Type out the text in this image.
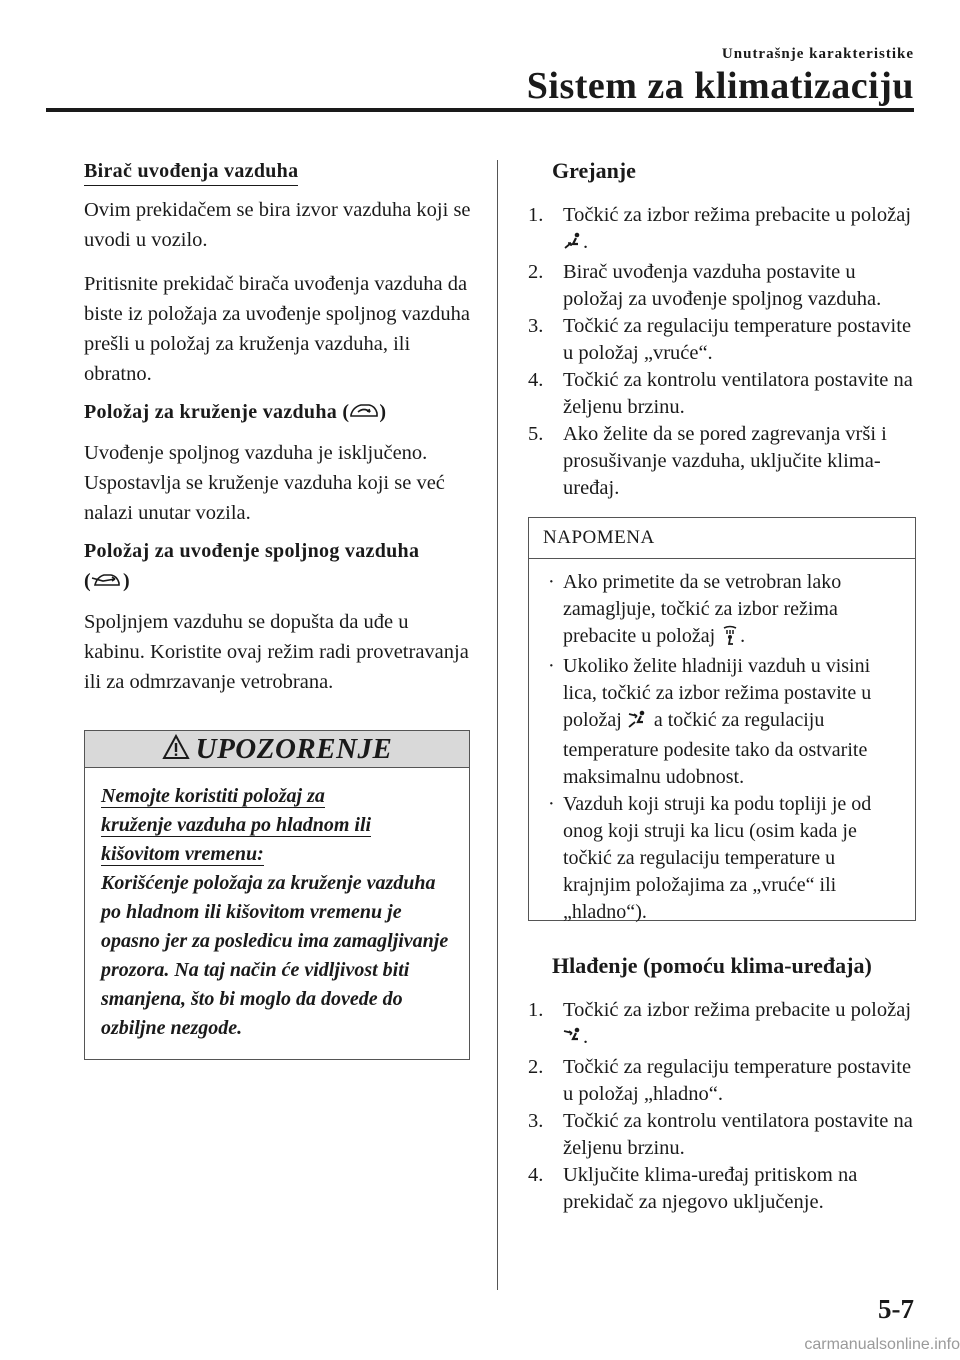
Unutrašnje karakteristike
Sistem za klimatizaciju

Birač uvođenja vazduha

Ovim prekidačem se bira izvor vazduha koji se uvodi u vozilo.

Pritisnite prekidač birača uvođenja vazduha da biste iz položaja za uvođenje spoljnog vazduha prešli u položaj za kruženja vazduha, ili obratno.

Položaj za kruženje vazduha ( )

Uvođenje spoljnog vazduha je isključeno. Uspostavlja se kruženje vazduha koji se već nalazi unutar vozila.

Položaj za uvođenje spoljnog vazduha
( )

Spoljnjem vazduhu se dopušta da uđe u kabinu. Koristite ovaj režim radi provetravanja ili za odmrzavanje vetrobrana.

UPOZORENJE
Nemojte koristiti položaj za
kruženje vazduha po hladnom ili
kišovitom vremenu:

Korišćenje položaja za kruženje vazduha po hladnom ili kišovitom vremenu je opasno jer za posledicu ima zamagljivanje prozora. Na taj način će vidljivost biti smanjena, što bi moglo da dovede do ozbiljne nezgode.

Grejanje

1. Točkić za izbor režima prebacite u položaj .
2. Birač uvođenja vazduha postavite u položaj za uvođenje spoljnog vazduha.
3. Točkić za regulaciju temperature postavite u položaj „vruće“.
4. Točkić za kontrolu ventilatora postavite na željenu brzinu.
5. Ako želite da se pored zagrevanja vrši i prosušivanje vazduha, uključite klima-uređaj.
NAPOMENA
· Ako primetite da se vetrobran lako zamagljuje, točkić za izbor režima prebacite u položaj .
· Ukoliko želite hladniji vazduh u visini lica, točkić za izbor režima postavite u položaj  a točkić za regulaciju temperature podesite tako da ostvarite maksimalnu udobnost.
· Vazduh koji struji ka podu topliji je od onog koji struji ka licu (osim kada je točkić za regulaciju temperature u krajnjim položajima za „vruće“ ili „hladno“).

Hlađenje (pomoću klima-uređaja)

1. Točkić za izbor režima prebacite u položaj .
2. Točkić za regulaciju temperature postavite u položaj „hladno“.
3. Točkić za kontrolu ventilatora postavite na željenu brzinu.
4. Uključite klima-uređaj pritiskom na prekidač za njegovo uključenje.
5-7
carmanualsonline.info
